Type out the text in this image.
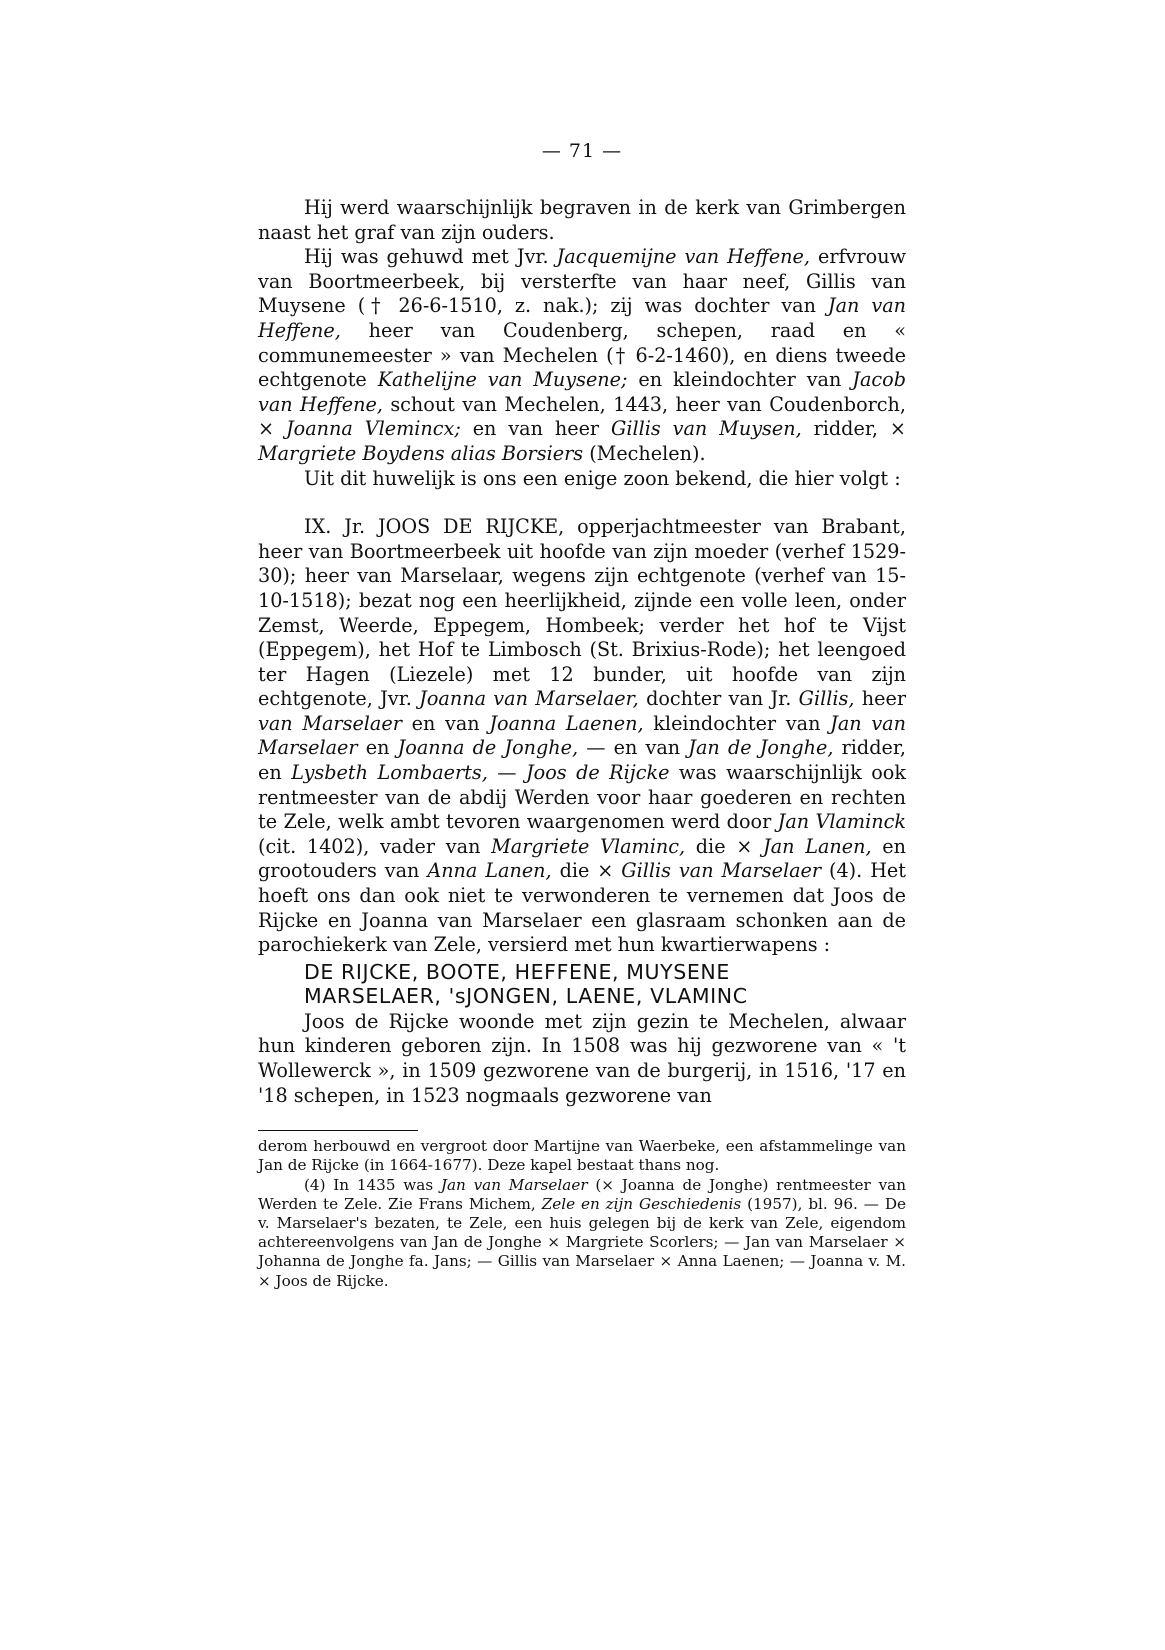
— 71 —

Hij werd waarschijnlijk begraven in de kerk van Grimbergen naast het graf van zijn ouders.

Hij was gehuwd met Jvr. Jacquemijne van Heffene, erfvrouw van Boortmeerbeek, bij versterfte van haar neef, Gillis van Muysene († 26-6-1510, z. nak.); zij was dochter van Jan van Heffene, heer van Coudenberg, schepen, raad en « communemeester » van Mechelen († 6-2-1460), en diens tweede echtgenote Kathelijne van Muysene; en kleindochter van Jacob van Heffene, schout van Mechelen, 1443, heer van Coudenborch, × Joanna Vlemincx; en van heer Gillis van Muysen, ridder, × Margriete Boydens alias Borsiers (Mechelen).

Uit dit huwelijk is ons een enige zoon bekend, die hier volgt :

IX. Jr. JOOS DE RIJCKE, opperjachtmeester van Brabant, heer van Boortmeerbeek uit hoofde van zijn moeder (verhef 1529-30); heer van Marselaar, wegens zijn echtgenote (verhef van 15-10-1518); bezat nog een heerlijkheid, zijnde een volle leen, onder Zemst, Weerde, Eppegem, Hombeek; verder het hof te Vijst (Eppegem), het Hof te Limbosch (St. Brixius-Rode); het leengoed ter Hagen (Liezele) met 12 bunder, uit hoofde van zijn echtgenote, Jvr. Joanna van Marselaer, dochter van Jr. Gillis, heer van Marselaer en van Joanna Laenen, kleindochter van Jan van Marselaer en Joanna de Jonghe, — en van Jan de Jonghe, ridder, en Lysbeth Lombaerts, — Joos de Rijcke was waarschijnlijk ook rentmeester van de abdij Werden voor haar goederen en rechten te Zele, welk ambt tevoren waargenomen werd door Jan Vlaminck (cit. 1402), vader van Margriete Vlaminc, die × Jan Lanen, en grootouders van Anna Lanen, die × Gillis van Marselaer (4). Het hoeft ons dan ook niet te verwonderen te vernemen dat Joos de Rijcke en Joanna van Marselaer een glasraam schonken aan de parochiekerk van Zele, versierd met hun kwartierwapens :

DE RIJCKE, BOOTE, HEFFENE, MUYSENE
MARSELAER, 'sJONGEN, LAENE, VLAMINC

Joos de Rijcke woonde met zijn gezin te Mechelen, alwaar hun kinderen geboren zijn. In 1508 was hij gezworene van « 't Wollewerck », in 1509 gezworene van de burgerij, in 1516, '17 en '18 schepen, in 1523 nogmaals gezworene van

derom herbouwd en vergroot door Martijne van Waerbeke, een afstammelinge van Jan de Rijcke (in 1664-1677). Deze kapel bestaat thans nog.

(4) In 1435 was Jan van Marselaer (× Joanna de Jonghe) rentmeester van Werden te Zele. Zie Frans Michem, Zele en zijn Geschiedenis (1957), bl. 96. — De v. Marselaer's bezaten, te Zele, een huis gelegen bij de kerk van Zele, eigendom achtereenvolgens van Jan de Jonghe × Margriete Scorlers; — Jan van Marselaer × Johanna de Jonghe fa. Jans; — Gillis van Marselaer × Anna Laenen; — Joanna v. M. × Joos de Rijcke.
